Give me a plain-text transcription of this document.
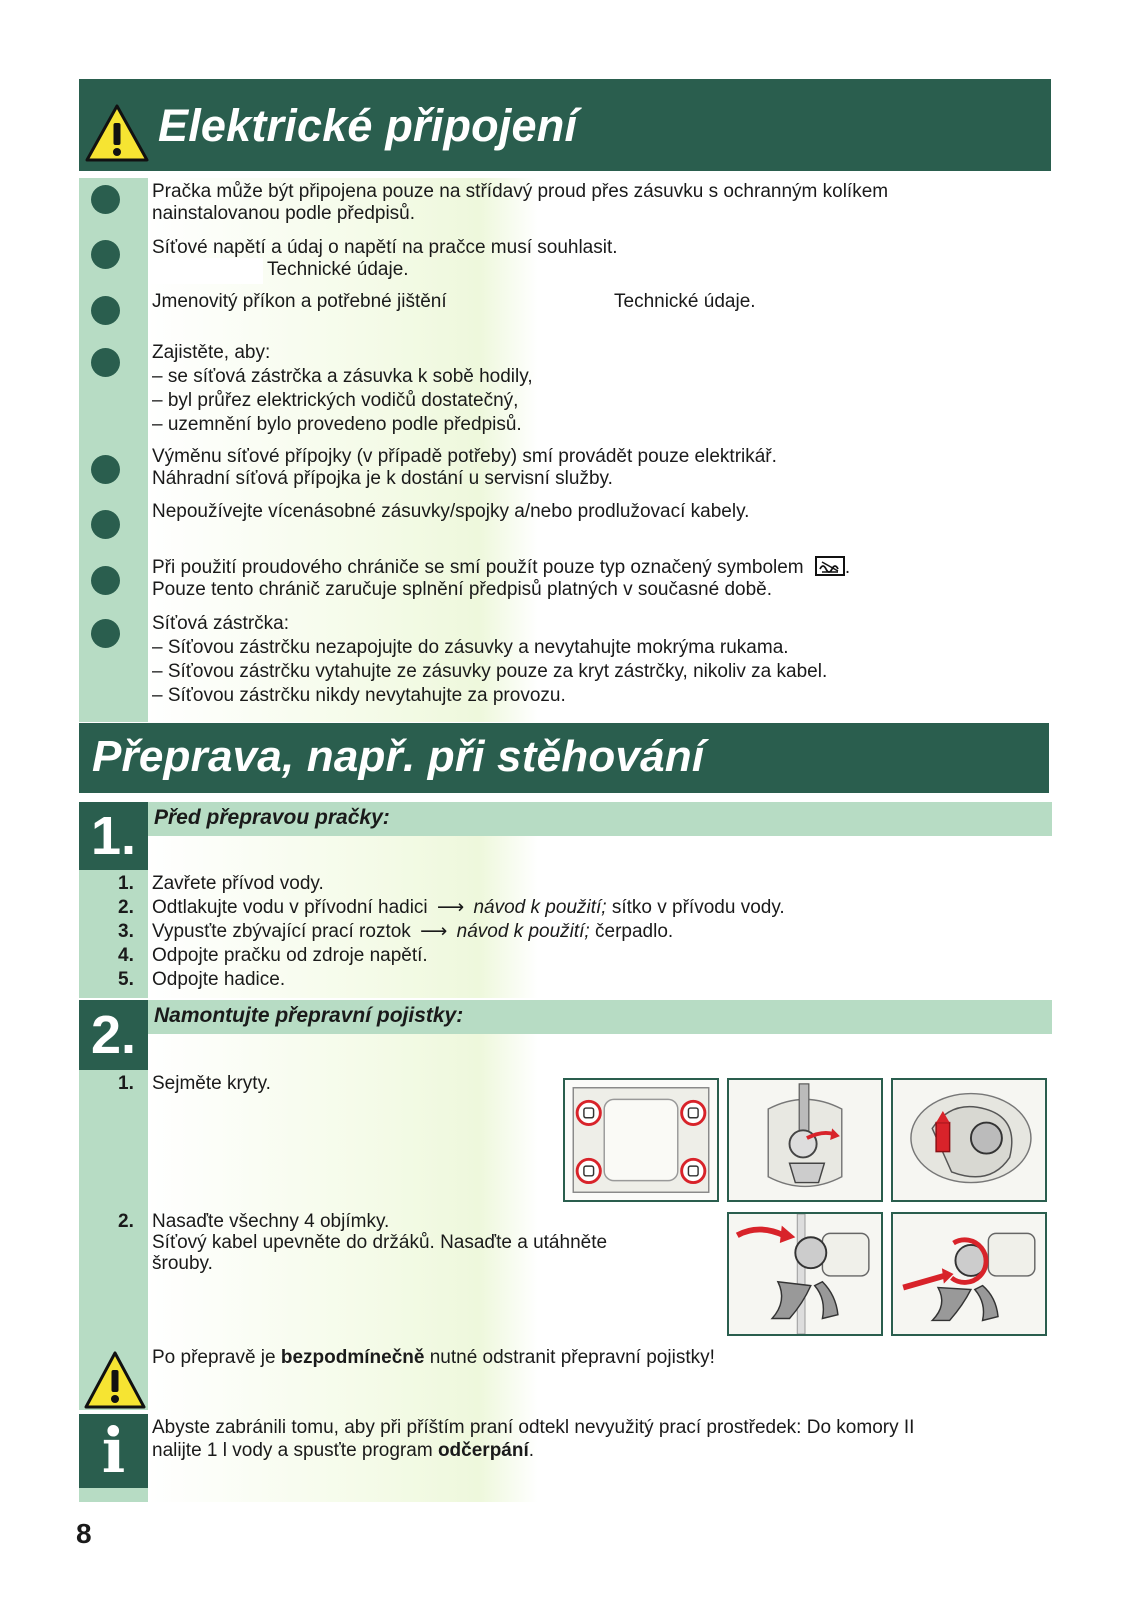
Elektrické připojení
Pračka může být připojena pouze na střídavý proud přes zásuvku s ochranným kolíkem
nainstalovanou podle předpisů.
Síťové napětí a údaj o napětí na pračce musí souhlasit.
Technické údaje.
Jmenovitý příkon a potřebné jištění	Technické údaje.
Zajistěte, aby:
– se síťová zástrčka a zásuvka k sobě hodily,
– byl průřez elektrických vodičů dostatečný,
– uzemnění bylo provedeno podle předpisů.
Výměnu síťové přípojky (v případě potřeby) smí provádět pouze elektrikář.
Náhradní síťová přípojka je k dostání u servisní služby.
Nepoužívejte vícenásobné zásuvky/spojky a/nebo prodlužovací kabely.
Při použití proudového chrániče se smí použít pouze typ označený symbolem .
Pouze tento chránič zaručuje splnění předpisů platných v současné době.
Síťová zástrčka:
– Síťovou zástrčku nezapojujte do zásuvky a nevytahujte mokrýma rukama.
– Síťovou zástrčku vytahujte ze zásuvky pouze za kryt zástrčky, nikoliv za kabel.
– Síťovou zástrčku nikdy nevytahujte za provozu.
Přeprava, např. při stěhování
1. Před přepravou pračky:
1. Zavřete přívod vody.
2. Odtlakujte vodu v přívodní hadici ⟶ návod k použití; sítko v přívodu vody.
3. Vypusťte zbývající prací roztok ⟶ návod k použití; čerpadlo.
4. Odpojte pračku od zdroje napětí.
5. Odpojte hadice.
2. Namontujte přepravní pojistky:
1. Sejměte kryty.
2. Nasaďte všechny 4 objímky.
Síťový kabel upevněte do držáků. Nasaďte a utáhněte
šrouby.
Po přepravě je bezpodmínečně nutné odstranit přepravní pojistky!
i	Abyste zabránili tomu, aby při příštím praní odtekl nevyužitý prací prostředek: Do komory II
nalijte 1 l vody a spusťte program odčerpání.
8
